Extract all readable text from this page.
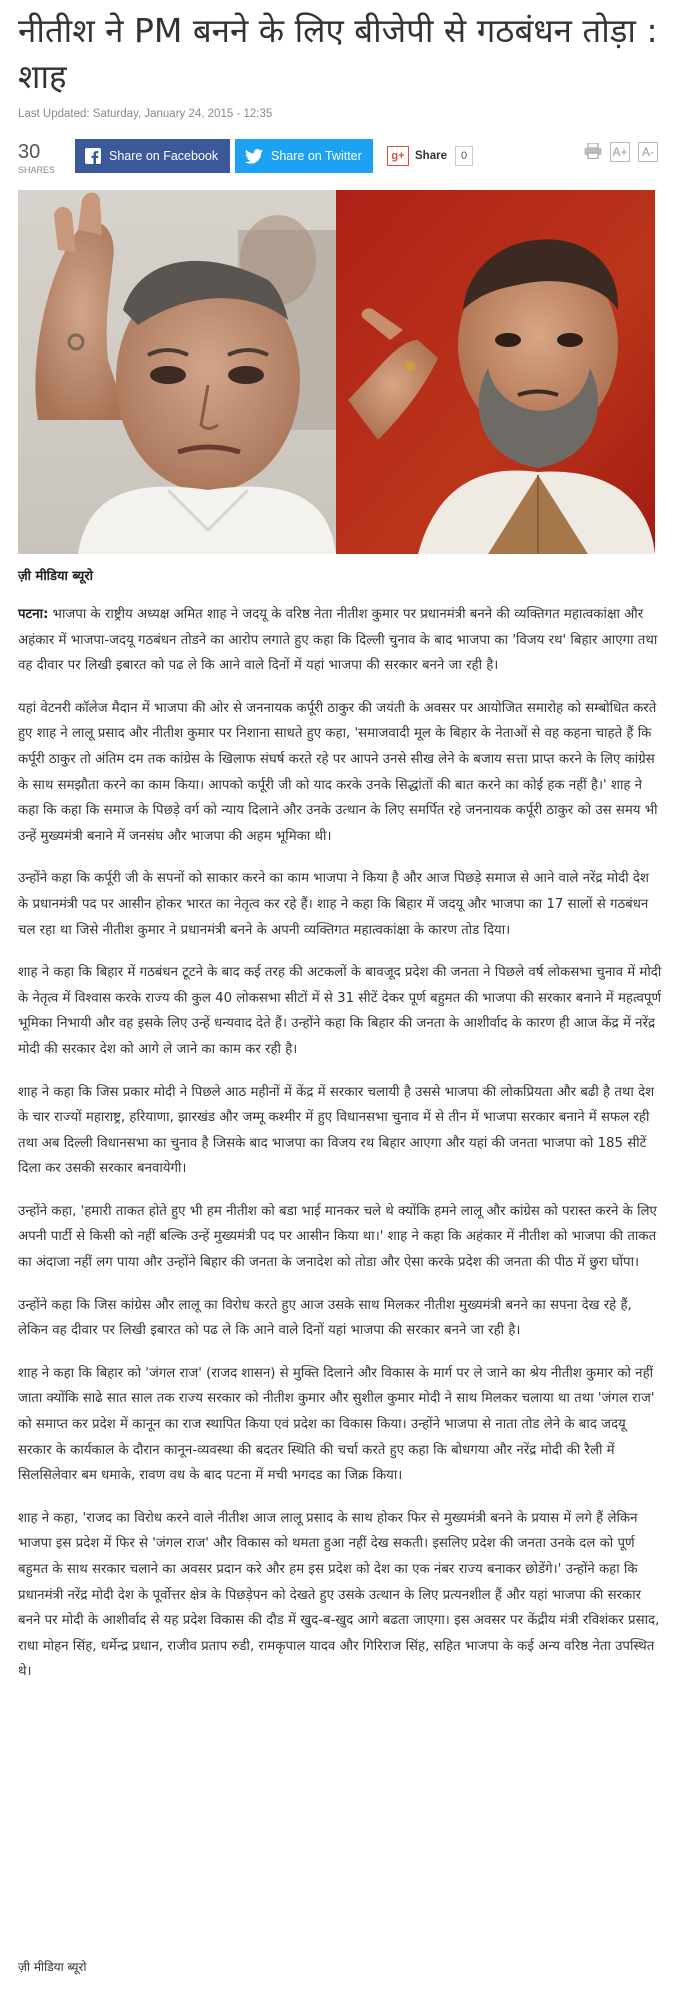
नीतीश ने PM बनने के लिए बीजेपी से गठबंधन तोड़ा : शाह
Last Updated: Saturday, January 24, 2015 - 12:35
30
SHARES
Share on Facebook	Share on Twitter	g+ Share	0	A+	A-
ज़ी मीडिया ब्यूरो

पटना: भाजपा के राष्ट्रीय अध्यक्ष अमित शाह ने जदयू के वरिष्ठ नेता नीतीश कुमार पर प्रधानमंत्री बनने की व्यक्तिगत महात्वकांक्षा और अहंकार में भाजपा-जदयू गठबंधन तोडने का आरोप लगाते हुए कहा कि दिल्ली चुनाव के बाद भाजपा का 'विजय रथ' बिहार आएगा तथा वह दीवार पर लिखी इबारत को पढ ले कि आने वाले दिनों में यहां भाजपा की सरकार बनने जा रही है।

यहां वेटनरी कॉलेज मैदान में भाजपा की ओर से जननायक कर्पूरी ठाकुर की जयंती के अवसर पर आयोजित समारोह को सम्बोधित करते हुए शाह ने लालू प्रसाद और नीतीश कुमार पर निशाना साधते हुए कहा, 'समाजवादी मूल के बिहार के नेताओं से वह कहना चाहते हैं कि कर्पूरी ठाकुर तो अंतिम दम तक कांग्रेस के खिलाफ संघर्ष करते रहे पर आपने उनसे सीख लेने के बजाय सत्ता प्राप्त करने के लिए कांग्रेस के साथ समझौता करने का काम किया। आपको कर्पूरी जी को याद करके उनके सिद्धांतों की बात करने का कोई हक नहीं है।' शाह ने कहा कि कहा कि समाज के पिछड़े वर्ग को न्याय दिलाने और उनके उत्थान के लिए समर्पित रहे जननायक कर्पूरी ठाकुर को उस समय भी उन्हें मुख्यमंत्री बनाने में जनसंघ और भाजपा की अहम भूमिका थी।

उन्होंने कहा कि कर्पूरी जी के सपनों को साकार करने का काम भाजपा ने किया है और आज पिछड़े समाज से आने वाले नरेंद्र मोदी देश के प्रधानमंत्री पद पर आसीन होकर भारत का नेतृत्व कर रहे हैं। शाह ने कहा कि बिहार में जदयू और भाजपा का 17 सालों से गठबंधन चल रहा था जिसे नीतीश कुमार ने प्रधानमंत्री बनने के अपनी व्यक्तिगत महात्वकांक्षा के कारण तोड दिया।

शाह ने कहा कि बिहार में गठबंधन टूटने के बाद कई तरह की अटकलों के बावजूद प्रदेश की जनता ने पिछले वर्ष लोकसभा चुनाव में मोदी के नेतृत्व में विश्वास करके राज्य की कुल 40 लोकसभा सीटों में से 31 सीटें देकर पूर्ण बहुमत की भाजपा की सरकार बनाने में महत्वपूर्ण भूमिका निभायी और वह इसके लिए उन्हें धन्यवाद देते हैं। उन्होंने कहा कि बिहार की जनता के आशीर्वाद के कारण ही आज केंद्र में नरेंद्र मोदी की सरकार देश को आगे ले जाने का काम कर रही है।

शाह ने कहा कि जिस प्रकार मोदी ने पिछले आठ महीनों में केंद्र में सरकार चलायी है उससे भाजपा की लोकप्रियता और बढी है तथा देश के चार राज्यों महाराष्ट्र, हरियाणा, झारखंड और जम्मू कश्मीर में हुए विधानसभा चुनाव में से तीन में भाजपा सरकार बनाने में सफल रही तथा अब दिल्ली विधानसभा का चुनाव है जिसके बाद भाजपा का विजय रथ बिहार आएगा और यहां की जनता भाजपा को 185 सीटें दिला कर उसकी सरकार बनवायेगी।

उन्होंने कहा, 'हमारी ताकत होते हुए भी हम नीतीश को बडा भाई मानकर चले थे क्योंकि हमने लालू और कांग्रेस को परास्त करने के लिए अपनी पार्टी से किसी को नहीं बल्कि उन्हें मुख्यमंत्री पद पर आसीन किया था।' शाह ने कहा कि अहंकार में नीतीश को भाजपा की ताकत का अंदाजा नहीं लग पाया और उन्होंने बिहार की जनता के जनादेश को तोडा और ऐसा करके प्रदेश की जनता की पीठ में छुरा घोंपा।

उन्होंने कहा कि जिस कांग्रेस और लालू का विरोध करते हुए आज उसके साथ मिलकर नीतीश मुख्यमंत्री बनने का सपना देख रहे हैं, लेकिन वह दीवार पर लिखी इबारत को पढ ले कि आने वाले दिनों यहां भाजपा की सरकार बनने जा रही है।

शाह ने कहा कि बिहार को 'जंगल राज' (राजद शासन) से मुक्ति दिलाने और विकास के मार्ग पर ले जाने का श्रेय नीतीश कुमार को नहीं जाता क्योंकि साढे सात साल तक राज्य सरकार को नीतीश कुमार और सुशील कुमार मोदी ने साथ मिलकर चलाया था तथा 'जंगल राज' को समाप्त कर प्रदेश में कानून का राज स्थापित किया एवं प्रदेश का विकास किया। उन्होंने भाजपा से नाता तोड लेने के बाद जदयू सरकार के कार्यकाल के दौरान कानून-व्यवस्था की बदतर स्थिति की चर्चा करते हुए कहा कि बोधगया और नरेंद्र मोदी की रैली में सिलसिलेवार बम धमाके, रावण वध के बाद पटना में मची भगदड का जिक्र किया।

शाह ने कहा, 'राजद का विरोध करने वाले नीतीश आज लालू प्रसाद के साथ होकर फिर से मुख्यमंत्री बनने के प्रयास में लगे हैं लेकिन भाजपा इस प्रदेश में फिर से 'जंगल राज' और विकास को थमता हुआ नहीं देख सकती। इसलिए प्रदेश की जनता उनके दल को पूर्ण बहुमत के साथ सरकार चलाने का अवसर प्रदान करे और हम इस प्रदेश को देश का एक नंबर राज्य बनाकर छोडेंगे।' उन्होंने कहा कि प्रधानमंत्री नरेंद्र मोदी देश के पूर्वोत्तर क्षेत्र के पिछड़ेपन को देखते हुए उसके उत्थान के लिए प्रत्यनशील हैं और यहां भाजपा की सरकार बनने पर मोदी के आशीर्वाद से यह प्रदेश विकास की दौड में खुद-ब-खुद आगे बढता जाएगा। इस अवसर पर केंद्रीय मंत्री रविशंकर प्रसाद, राधा मोहन सिंह, धर्मेन्द्र प्रधान, राजीव प्रताप रुडी, रामकृपाल यादव और गिरिराज सिंह, सहित भाजपा के कई अन्य वरिष्ठ नेता उपस्थित थे।

ज़ी मीडिया ब्यूरो
